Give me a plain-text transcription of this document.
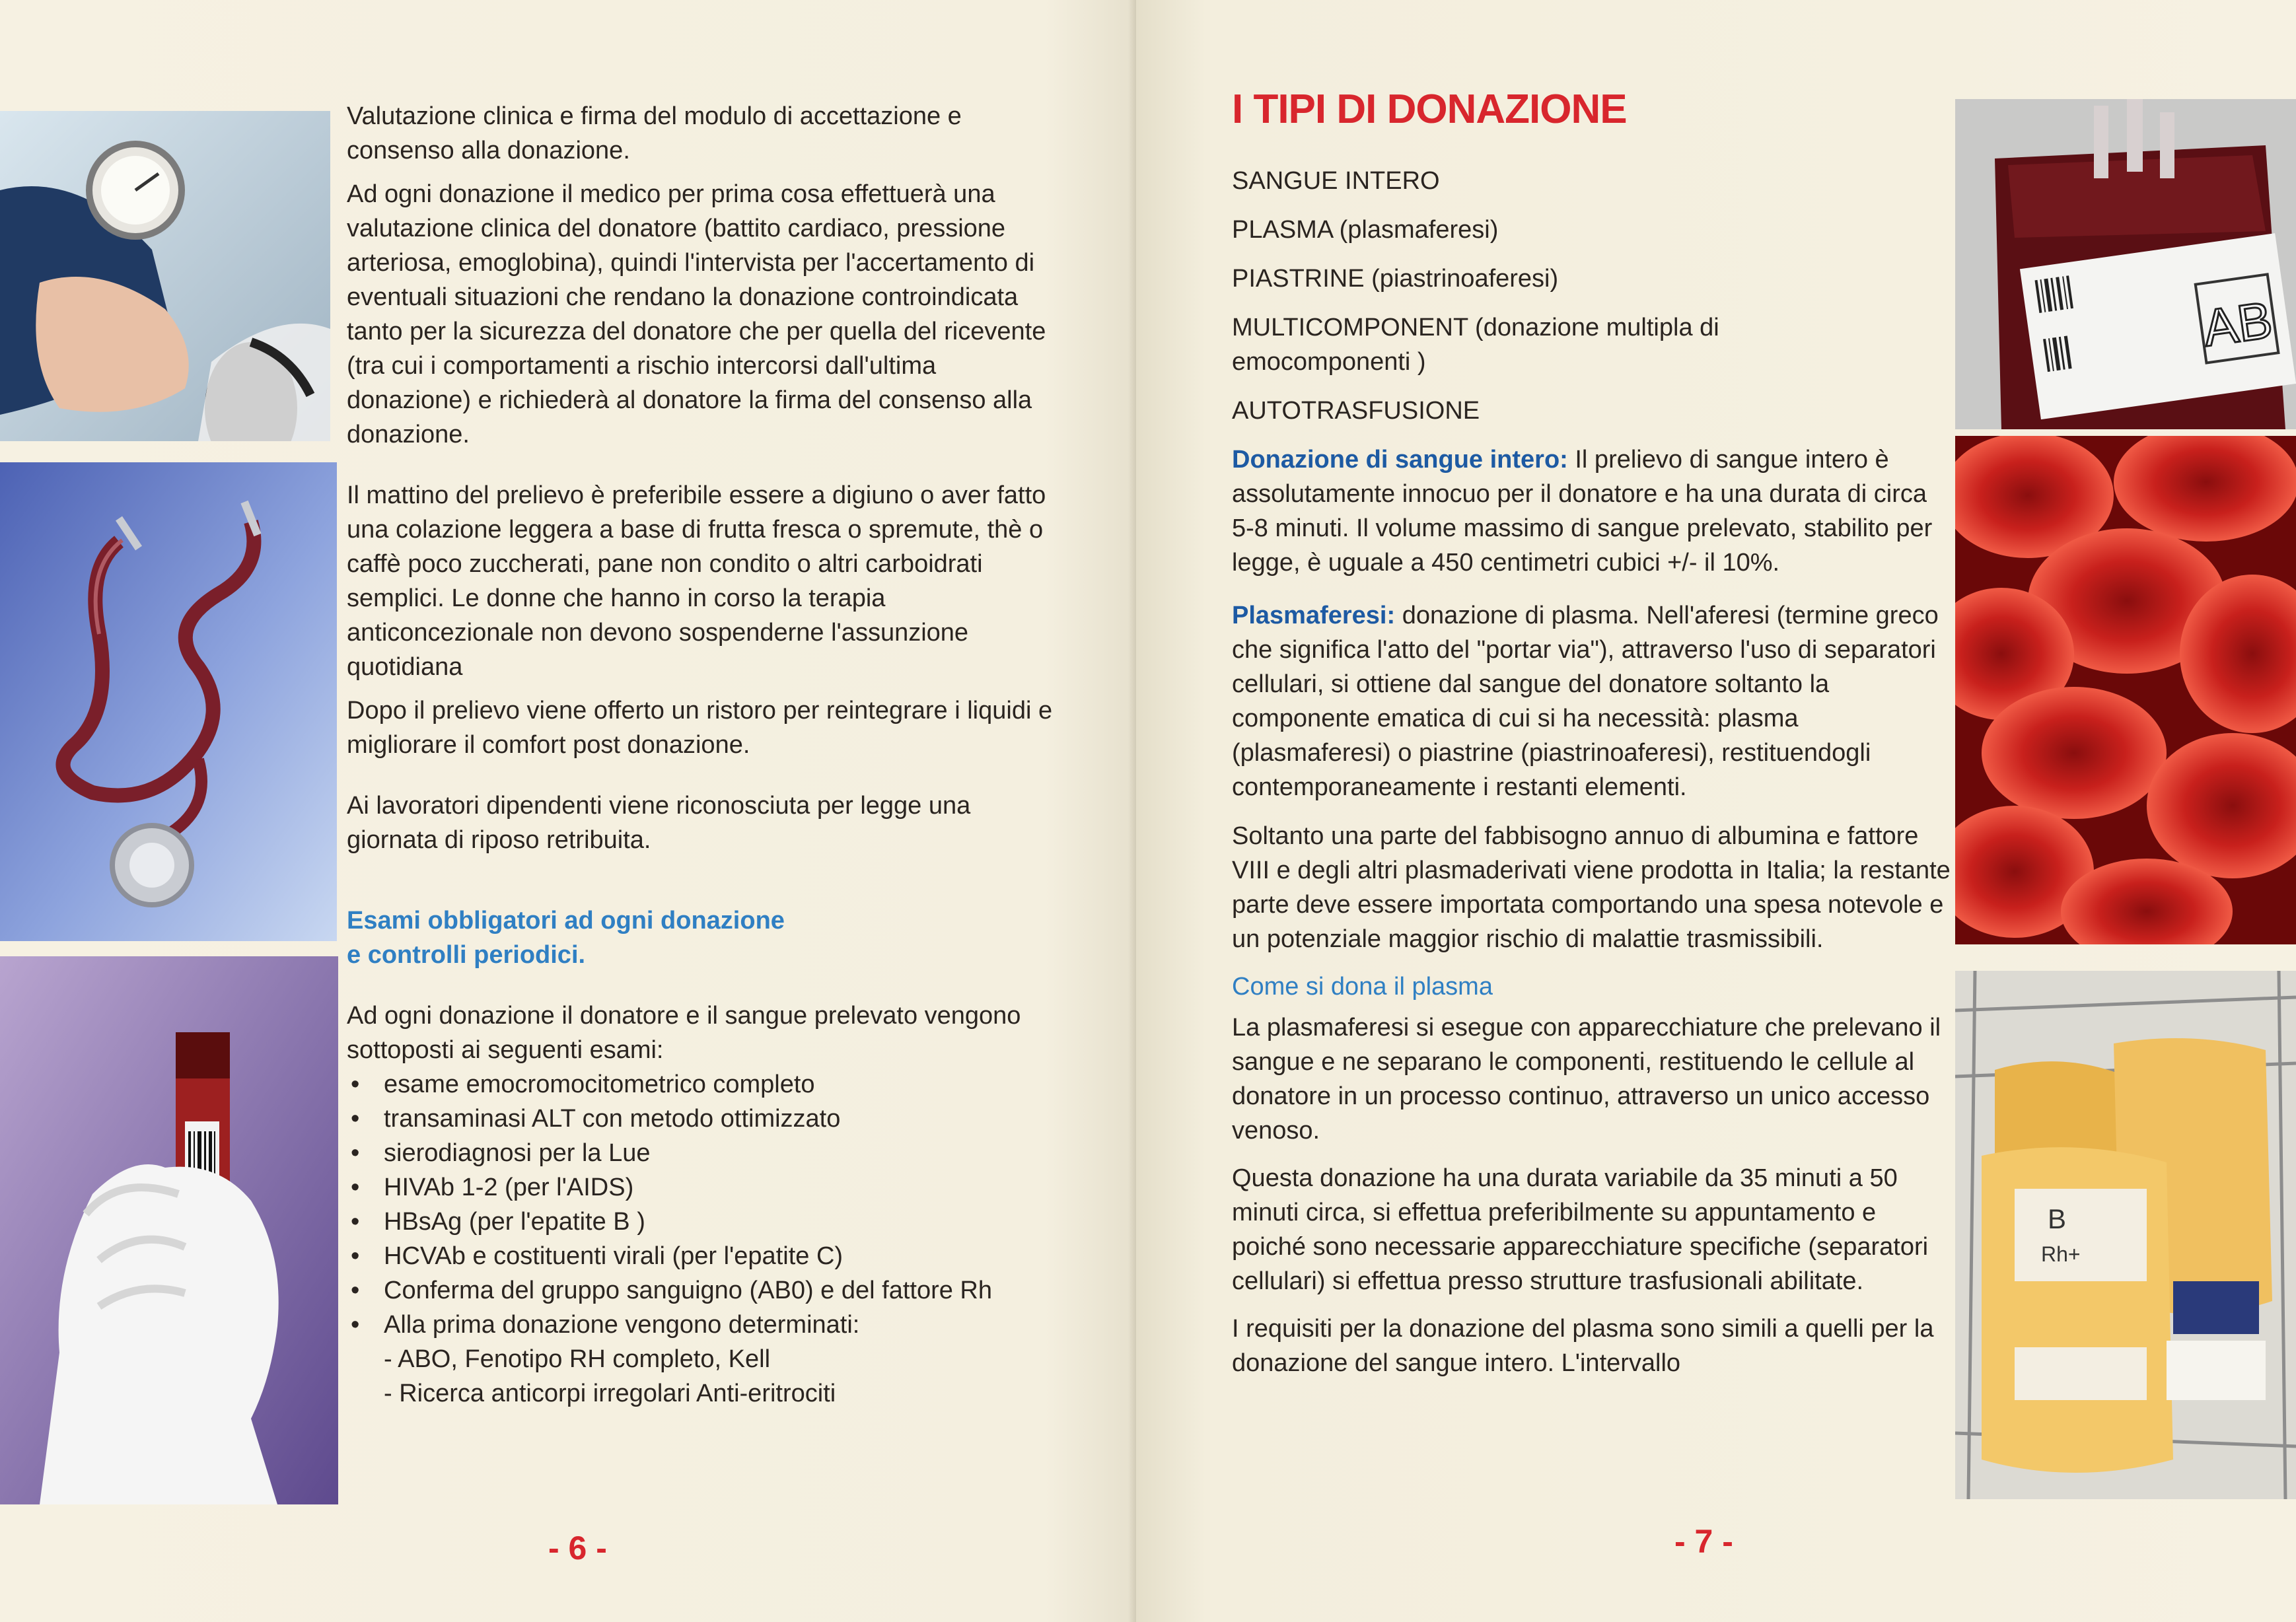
Valutazione clinica e firma del modulo di accettazione e consenso alla donazione.

Ad ogni donazione il medico per prima cosa effettuerà una valutazione clinica del donatore (battito cardiaco, pressione arteriosa, emoglobina), quindi l'intervista per l'accertamento di eventuali situazioni che rendano la donazione controindicata tanto per la sicurezza del donatore che per quella del ricevente (tra cui i comportamenti a rischio intercorsi dall'ultima donazione) e richiederà al donatore la firma del consenso alla donazione.

Il mattino del prelievo è preferibile essere a digiuno o aver fatto una colazione leggera a base di frutta fresca o spremute, thè o caffè poco zuccherati, pane non condito o altri carboidrati semplici. Le donne che hanno in corso la terapia anticoncezionale non devono sospenderne l'assunzione quotidiana

Dopo il prelievo viene offerto un ristoro per reintegrare i liquidi e migliorare il comfort post donazione.

Ai lavoratori dipendenti viene riconosciuta per legge una giornata di riposo retribuita.

Esami obbligatori ad ogni donazione
e controlli periodici.

Ad ogni donazione il donatore e il sangue prelevato vengono sottoposti ai seguenti esami:

• esame emocromocitometrico completo
• transaminasi ALT con metodo ottimizzato
• sierodiagnosi per la Lue
• HIVAb 1-2 (per l'AIDS)
• HBsAg (per l'epatite B )
• HCVAb e costituenti virali (per l'epatite C)
• Conferma del gruppo sanguigno (AB0) e del fattore Rh
• Alla prima donazione vengono determinati:
- ABO, Fenotipo RH completo, Kell
- Ricerca anticorpi irregolari Anti-eritrociti
- 6 -
I TIPI DI DONAZIONE

SANGUE INTERO

PLASMA (plasmaferesi)

PIASTRINE (piastrinoaferesi)

MULTICOMPONENT (donazione multipla di emocomponenti )

AUTOTRASFUSIONE

Donazione di sangue intero: Il prelievo di sangue intero è assolutamente innocuo per il donatore e ha una durata di circa 5-8 minuti. Il volume massimo di sangue prelevato, stabilito per legge, è uguale a 450 centimetri cubici +/- il 10%.

Plasmaferesi: donazione di plasma. Nell'aferesi (termine greco che significa l'atto del "portar via"), attraverso l'uso di separatori cellulari, si ottiene dal sangue del donatore soltanto la componente ematica di cui si ha necessità: plasma (plasmaferesi) o piastrine (piastrinoaferesi), restituendogli contemporaneamente i restanti elementi.

Soltanto una parte del fabbisogno annuo di albumina e fattore VIII e degli altri plasmaderivati viene prodotta in Italia; la restante parte deve essere importata comportando una spesa notevole e un potenziale maggior rischio di malattie trasmissibili.

Come si dona il plasma

La plasmaferesi si esegue con apparecchiature che prelevano il sangue e ne separano le componenti, restituendo le cellule al donatore in un processo continuo, attraverso un unico accesso venoso.

Questa donazione ha una durata variabile da 35 minuti a 50 minuti circa, si effettua preferibilmente su appuntamento e poiché sono necessarie apparecchiature specifiche (separatori cellulari) si effettua presso strutture trasfusionali abilitate.

I requisiti per la donazione del plasma sono simili a quelli per la donazione del sangue intero. L'intervallo

AB
B
Rh+
- 7 -
